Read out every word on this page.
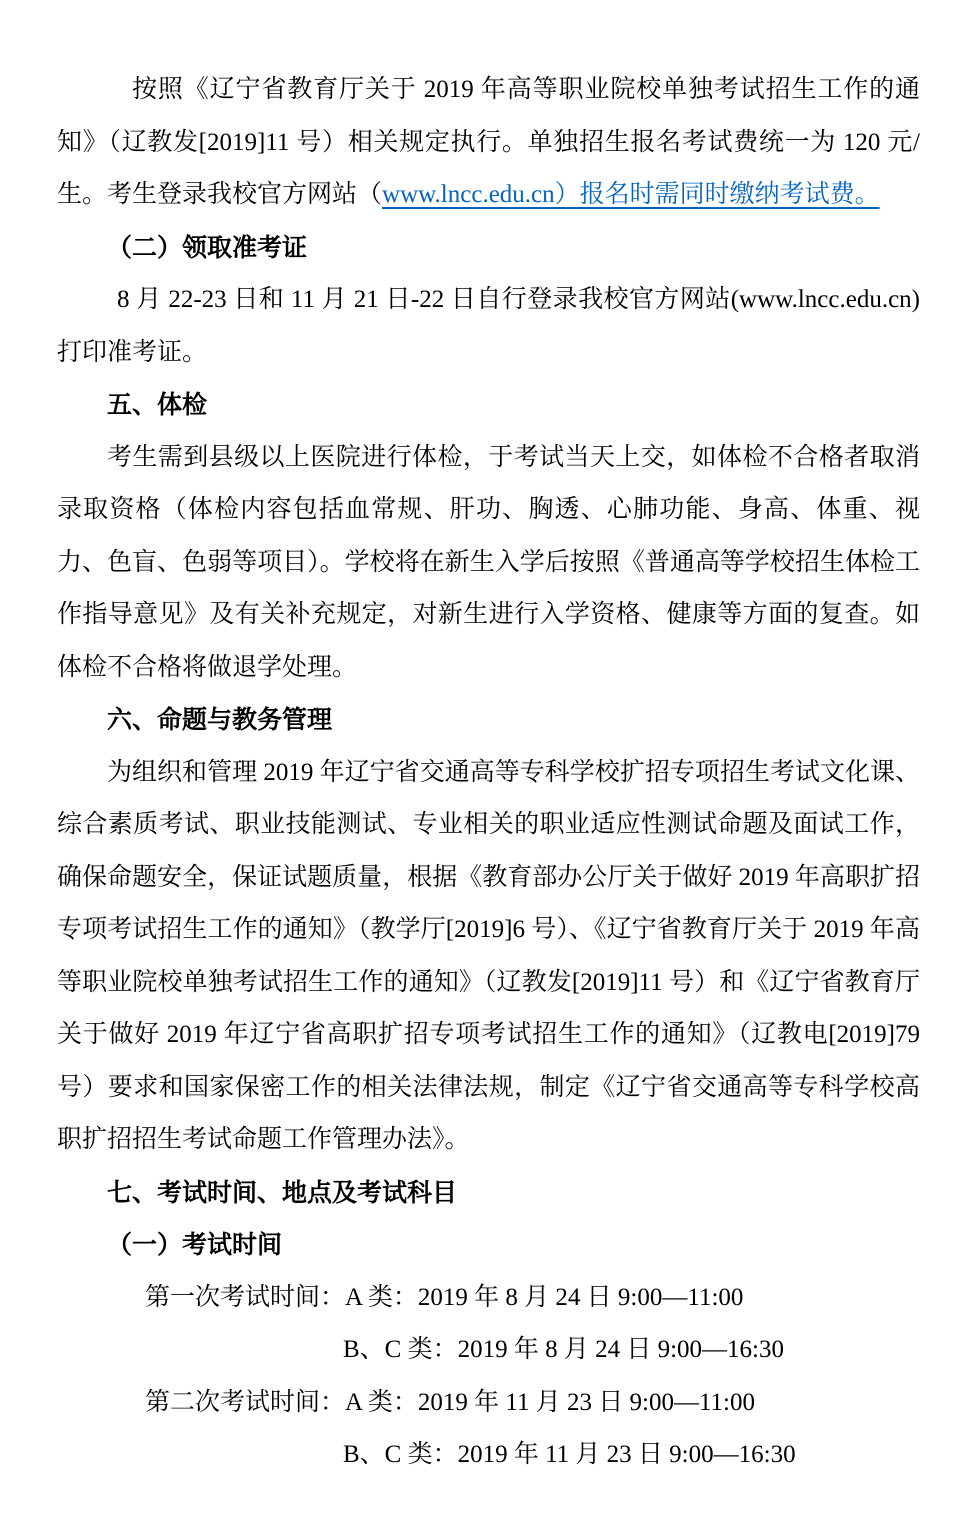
按照《辽宁省教育厅关于 2019 年高等职业院校单独考试招生工作的通知》（辽教发[2019]11 号）相关规定执行。单独招生报名考试费统一为 120 元/生。考生登录我校官方网站（www.lncc.edu.cn）报名时需同时缴纳考试费。

（二）领取准考证

8 月 22-23 日和 11 月 21 日-22 日自行登录我校官方网站(www.lncc.edu.cn)打印准考证。

五、体检

考生需到县级以上医院进行体检，于考试当天上交，如体检不合格者取消录取资格（体检内容包括血常规、肝功、胸透、心肺功能、身高、体重、视力、色盲、色弱等项目）。学校将在新生入学后按照《普通高等学校招生体检工作指导意见》及有关补充规定，对新生进行入学资格、健康等方面的复查。如体检不合格将做退学处理。

六、命题与教务管理

为组织和管理 2019 年辽宁省交通高等专科学校扩招专项招生考试文化课、综合素质考试、职业技能测试、专业相关的职业适应性测试命题及面试工作，确保命题安全，保证试题质量，根据《教育部办公厅关于做好 2019 年高职扩招专项考试招生工作的通知》（教学厅[2019]6 号）、《辽宁省教育厅关于 2019 年高等职业院校单独考试招生工作的通知》（辽教发[2019]11 号）和《辽宁省教育厅关于做好 2019 年辽宁省高职扩招专项考试招生工作的通知》（辽教电[2019]79 号）要求和国家保密工作的相关法律法规，制定《辽宁省交通高等专科学校高职扩招招生考试命题工作管理办法》。

七、考试时间、地点及考试科目

（一）考试时间

第一次考试时间：A 类：2019 年 8 月 24 日 9:00—11:00

B、C 类：2019 年 8 月 24 日 9:00—16:30

第二次考试时间：A 类：2019 年 11 月 23 日 9:00—11:00

B、C 类：2019 年 11 月 23 日 9:00—16:30
